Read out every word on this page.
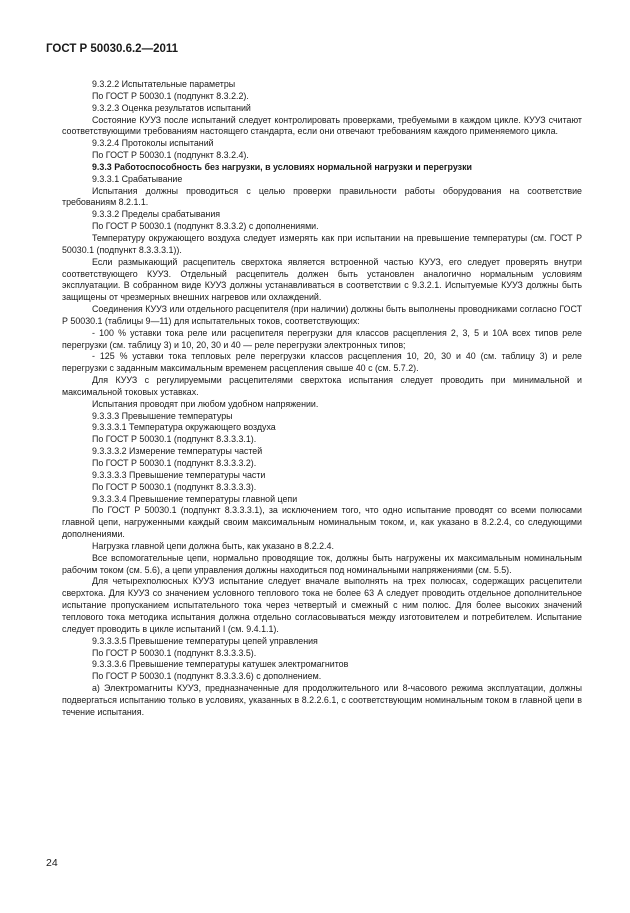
ГОСТ Р 50030.6.2—2011

9.3.2.2 Испытательные параметры

По ГОСТ Р 50030.1 (подпункт 8.3.2.2).

9.3.2.3 Оценка результатов испытаний

Состояние КУУЗ после испытаний следует контролировать проверками, требуемыми в каждом цикле. КУУЗ считают соответствующими требованиям настоящего стандарта, если они отвечают требованиям каждого применяемого цикла.

9.3.2.4 Протоколы испытаний

По ГОСТ Р 50030.1 (подпункт 8.3.2.4).

9.3.3 Работоспособность без нагрузки, в условиях нормальной нагрузки и перегрузки

9.3.3.1 Срабатывание

Испытания должны проводиться с целью проверки правильности работы оборудования на соответствие требованиям 8.2.1.1.

9.3.3.2 Пределы срабатывания

По ГОСТ Р 50030.1 (подпункт 8.3.3.2) с дополнениями.

Температуру окружающего воздуха следует измерять как при испытании на превышение температуры (см. ГОСТ Р 50030.1 (подпункт 8.3.3.3.1)).

Если размыкающий расцепитель сверхтока является встроенной частью КУУЗ, его следует проверять внутри соответствующего КУУЗ. Отдельный расцепитель должен быть установлен аналогично нормальным условиям эксплуатации. В собранном виде КУУЗ должны устанавливаться в соответствии с 9.3.2.1. Испытуемые КУУЗ должны быть защищены от чрезмерных внешних нагревов или охлаждений.

Соединения КУУЗ или отдельного расцепителя (при наличии) должны быть выполнены проводниками согласно ГОСТ Р 50030.1 (таблицы 9—11) для испытательных токов, соответствующих:

- 100 % уставки тока реле или расцепителя перегрузки для классов расцепления 2, 3, 5 и 10А всех типов реле перегрузки (см. таблицу 3) и 10, 20, 30 и 40 — реле перегрузки электронных типов;

- 125 % уставки тока тепловых реле перегрузки классов расцепления 10, 20, 30 и 40 (см. таблицу 3) и реле перегрузки с заданным максимальным временем расцепления свыше 40 с (см. 5.7.2).

Для КУУЗ с регулируемыми расцепителями сверхтока испытания следует проводить при минимальной и максимальной токовых уставках.

Испытания проводят при любом удобном напряжении.

9.3.3.3 Превышение температуры

9.3.3.3.1 Температура окружающего воздуха

По ГОСТ Р 50030.1 (подпункт 8.3.3.3.1).

9.3.3.3.2 Измерение температуры частей

По ГОСТ Р 50030.1 (подпункт 8.3.3.3.2).

9.3.3.3.3 Превышение температуры части

По ГОСТ Р 50030.1 (подпункт 8.3.3.3.3).

9.3.3.3.4 Превышение температуры главной цепи

По ГОСТ Р 50030.1 (подпункт 8.3.3.3.1), за исключением того, что одно испытание проводят со всеми полюсами главной цепи, нагруженными каждый своим максимальным номинальным током, и, как указано в 8.2.2.4, со следующими дополнениями.

Нагрузка главной цепи должна быть, как указано в 8.2.2.4.

Все вспомогательные цепи, нормально проводящие ток, должны быть нагружены их максимальным номинальным рабочим током (см. 5.6), а цепи управления должны находиться под номинальными напряжениями (см. 5.5).

Для четырехполюсных КУУЗ испытание следует вначале выполнять на трех полюсах, содержащих расцепители сверхтока. Для КУУЗ со значением условного теплового тока не более 63 А следует проводить отдельное дополнительное испытание пропусканием испытательного тока через четвертый и смежный с ним полюс. Для более высоких значений теплового тока методика испытания должна отдельно согласовываться между изготовителем и потребителем. Испытание следует проводить в цикле испытаний I (см. 9.4.1.1).

9.3.3.3.5 Превышение температуры цепей управления

По ГОСТ Р 50030.1 (подпункт 8.3.3.3.5).

9.3.3.3.6 Превышение температуры катушек электромагнитов

По ГОСТ Р 50030.1 (подпункт 8.3.3.3.6) с дополнением.

а) Электромагниты КУУЗ, предназначенные для продолжительного или 8-часового режима эксплуатации, должны подвергаться испытанию только в условиях, указанных в 8.2.2.6.1, с соответствующим номинальным током в главной цепи в течение испытания.

24
